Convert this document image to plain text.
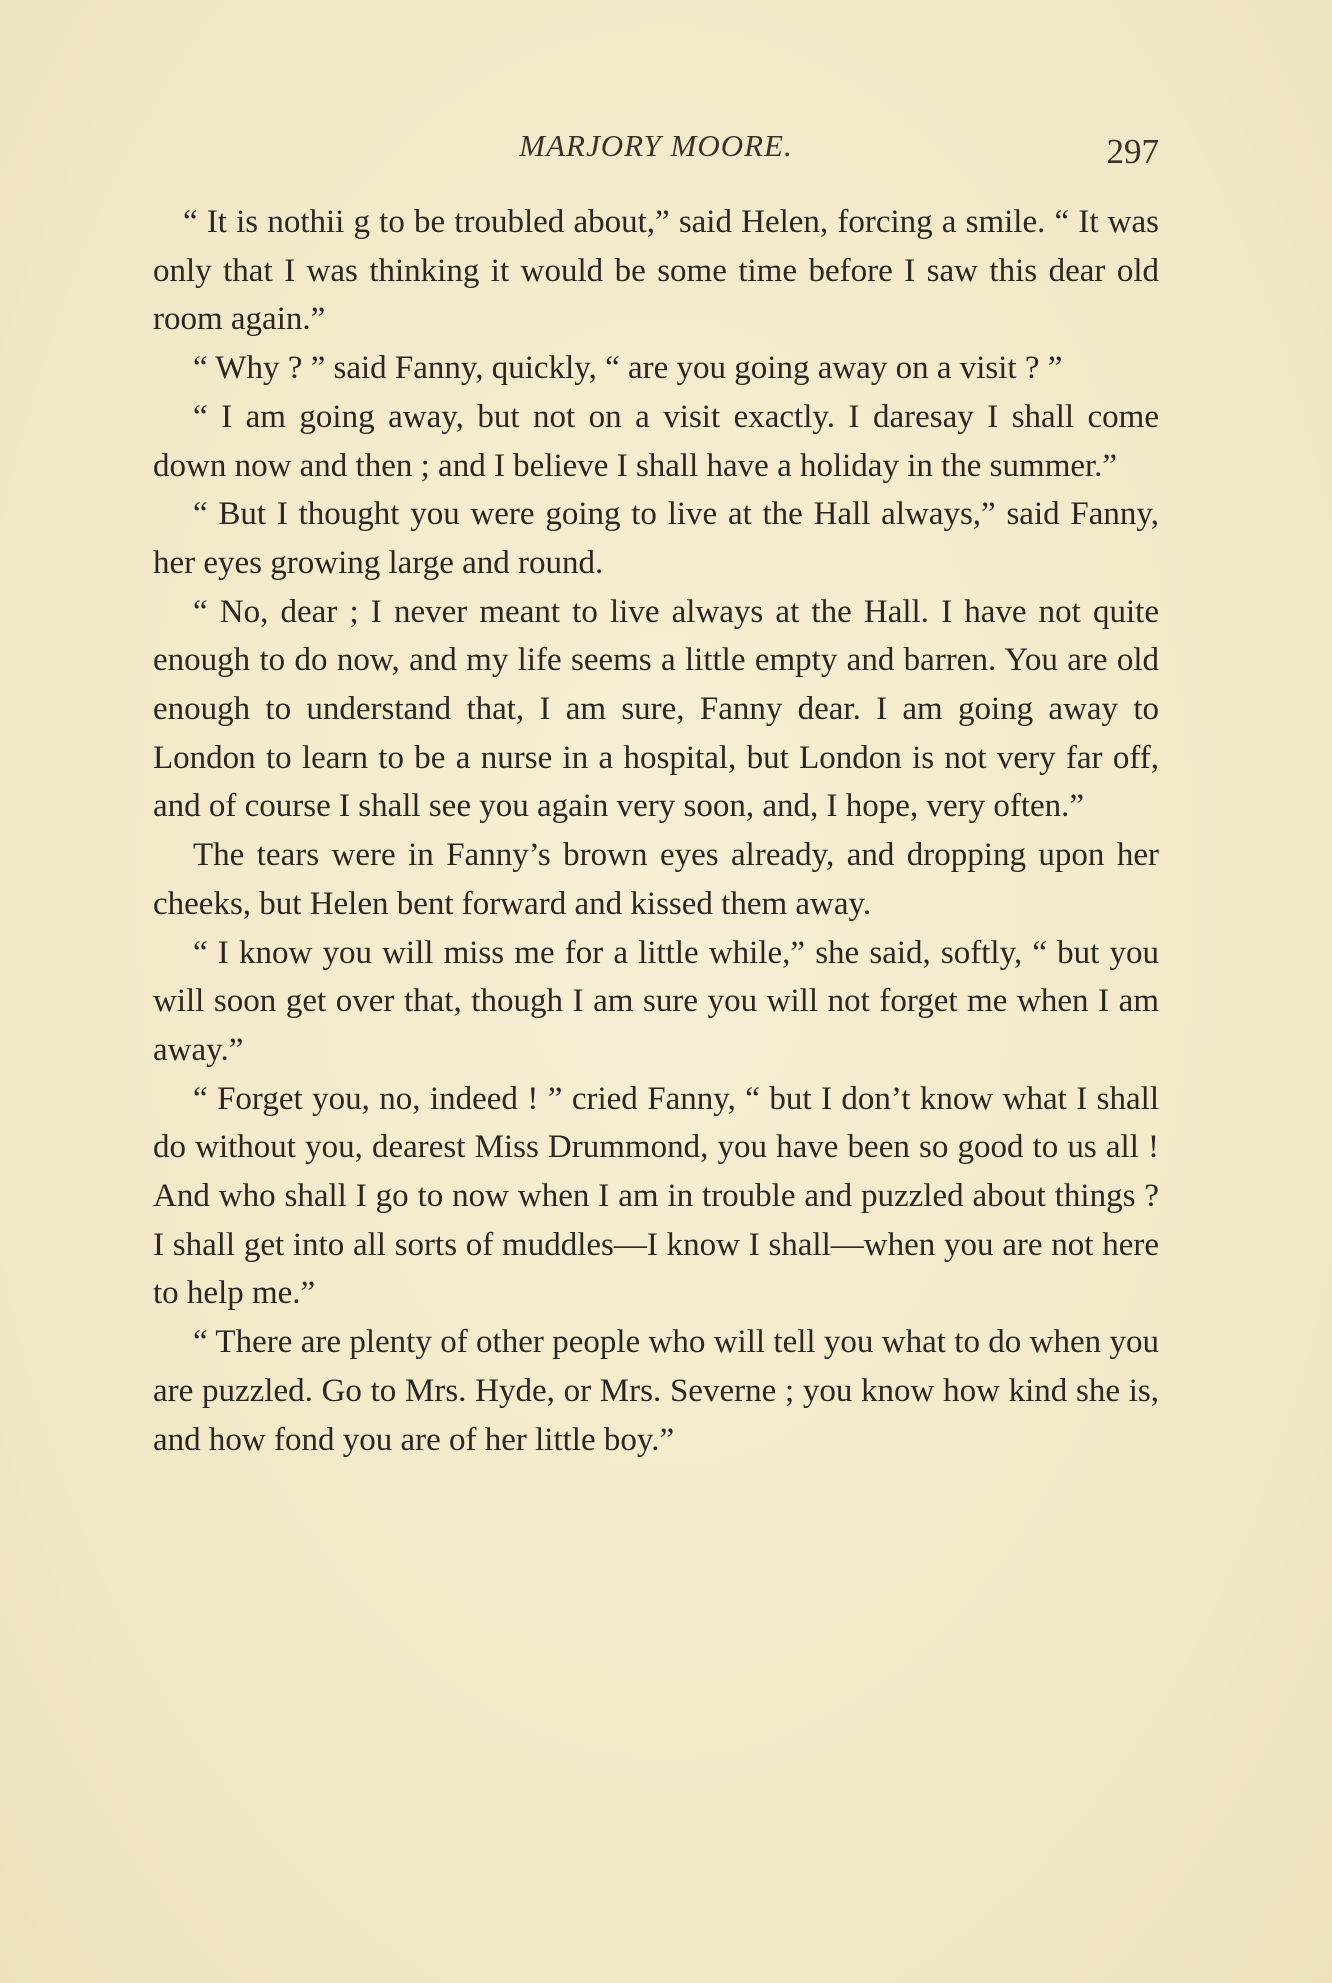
MARJORY MOORE.	297

“ It is nothii g to be troubled about,” said Helen, forcing a smile. “ It was only that I was thinking it would be some time before I saw this dear old room again.”

“ Why ? ” said Fanny, quickly, “ are you going away on a visit ? ”

“ I am going away, but not on a visit exactly. I daresay I shall come down now and then ; and I believe I shall have a holiday in the summer.”

“ But I thought you were going to live at the Hall always,” said Fanny, her eyes growing large and round.

“ No, dear ; I never meant to live always at the Hall. I have not quite enough to do now, and my life seems a little empty and barren. You are old enough to understand that, I am sure, Fanny dear. I am going away to London to learn to be a nurse in a hospital, but London is not very far off, and of course I shall see you again very soon, and, I hope, very often.”

The tears were in Fanny’s brown eyes already, and dropping upon her cheeks, but Helen bent forward and kissed them away.

“ I know you will miss me for a little while,” she said, softly, “ but you will soon get over that, though I am sure you will not forget me when I am away.”

“ Forget you, no, indeed ! ” cried Fanny, “ but I don’t know what I shall do without you, dearest Miss Drummond, you have been so good to us all ! And who shall I go to now when I am in trouble and puzzled about things ? I shall get into all sorts of muddles—I know I shall—when you are not here to help me.”

“ There are plenty of other people who will tell you what to do when you are puzzled. Go to Mrs. Hyde, or Mrs. Severne ; you know how kind she is, and how fond you are of her little boy.”
